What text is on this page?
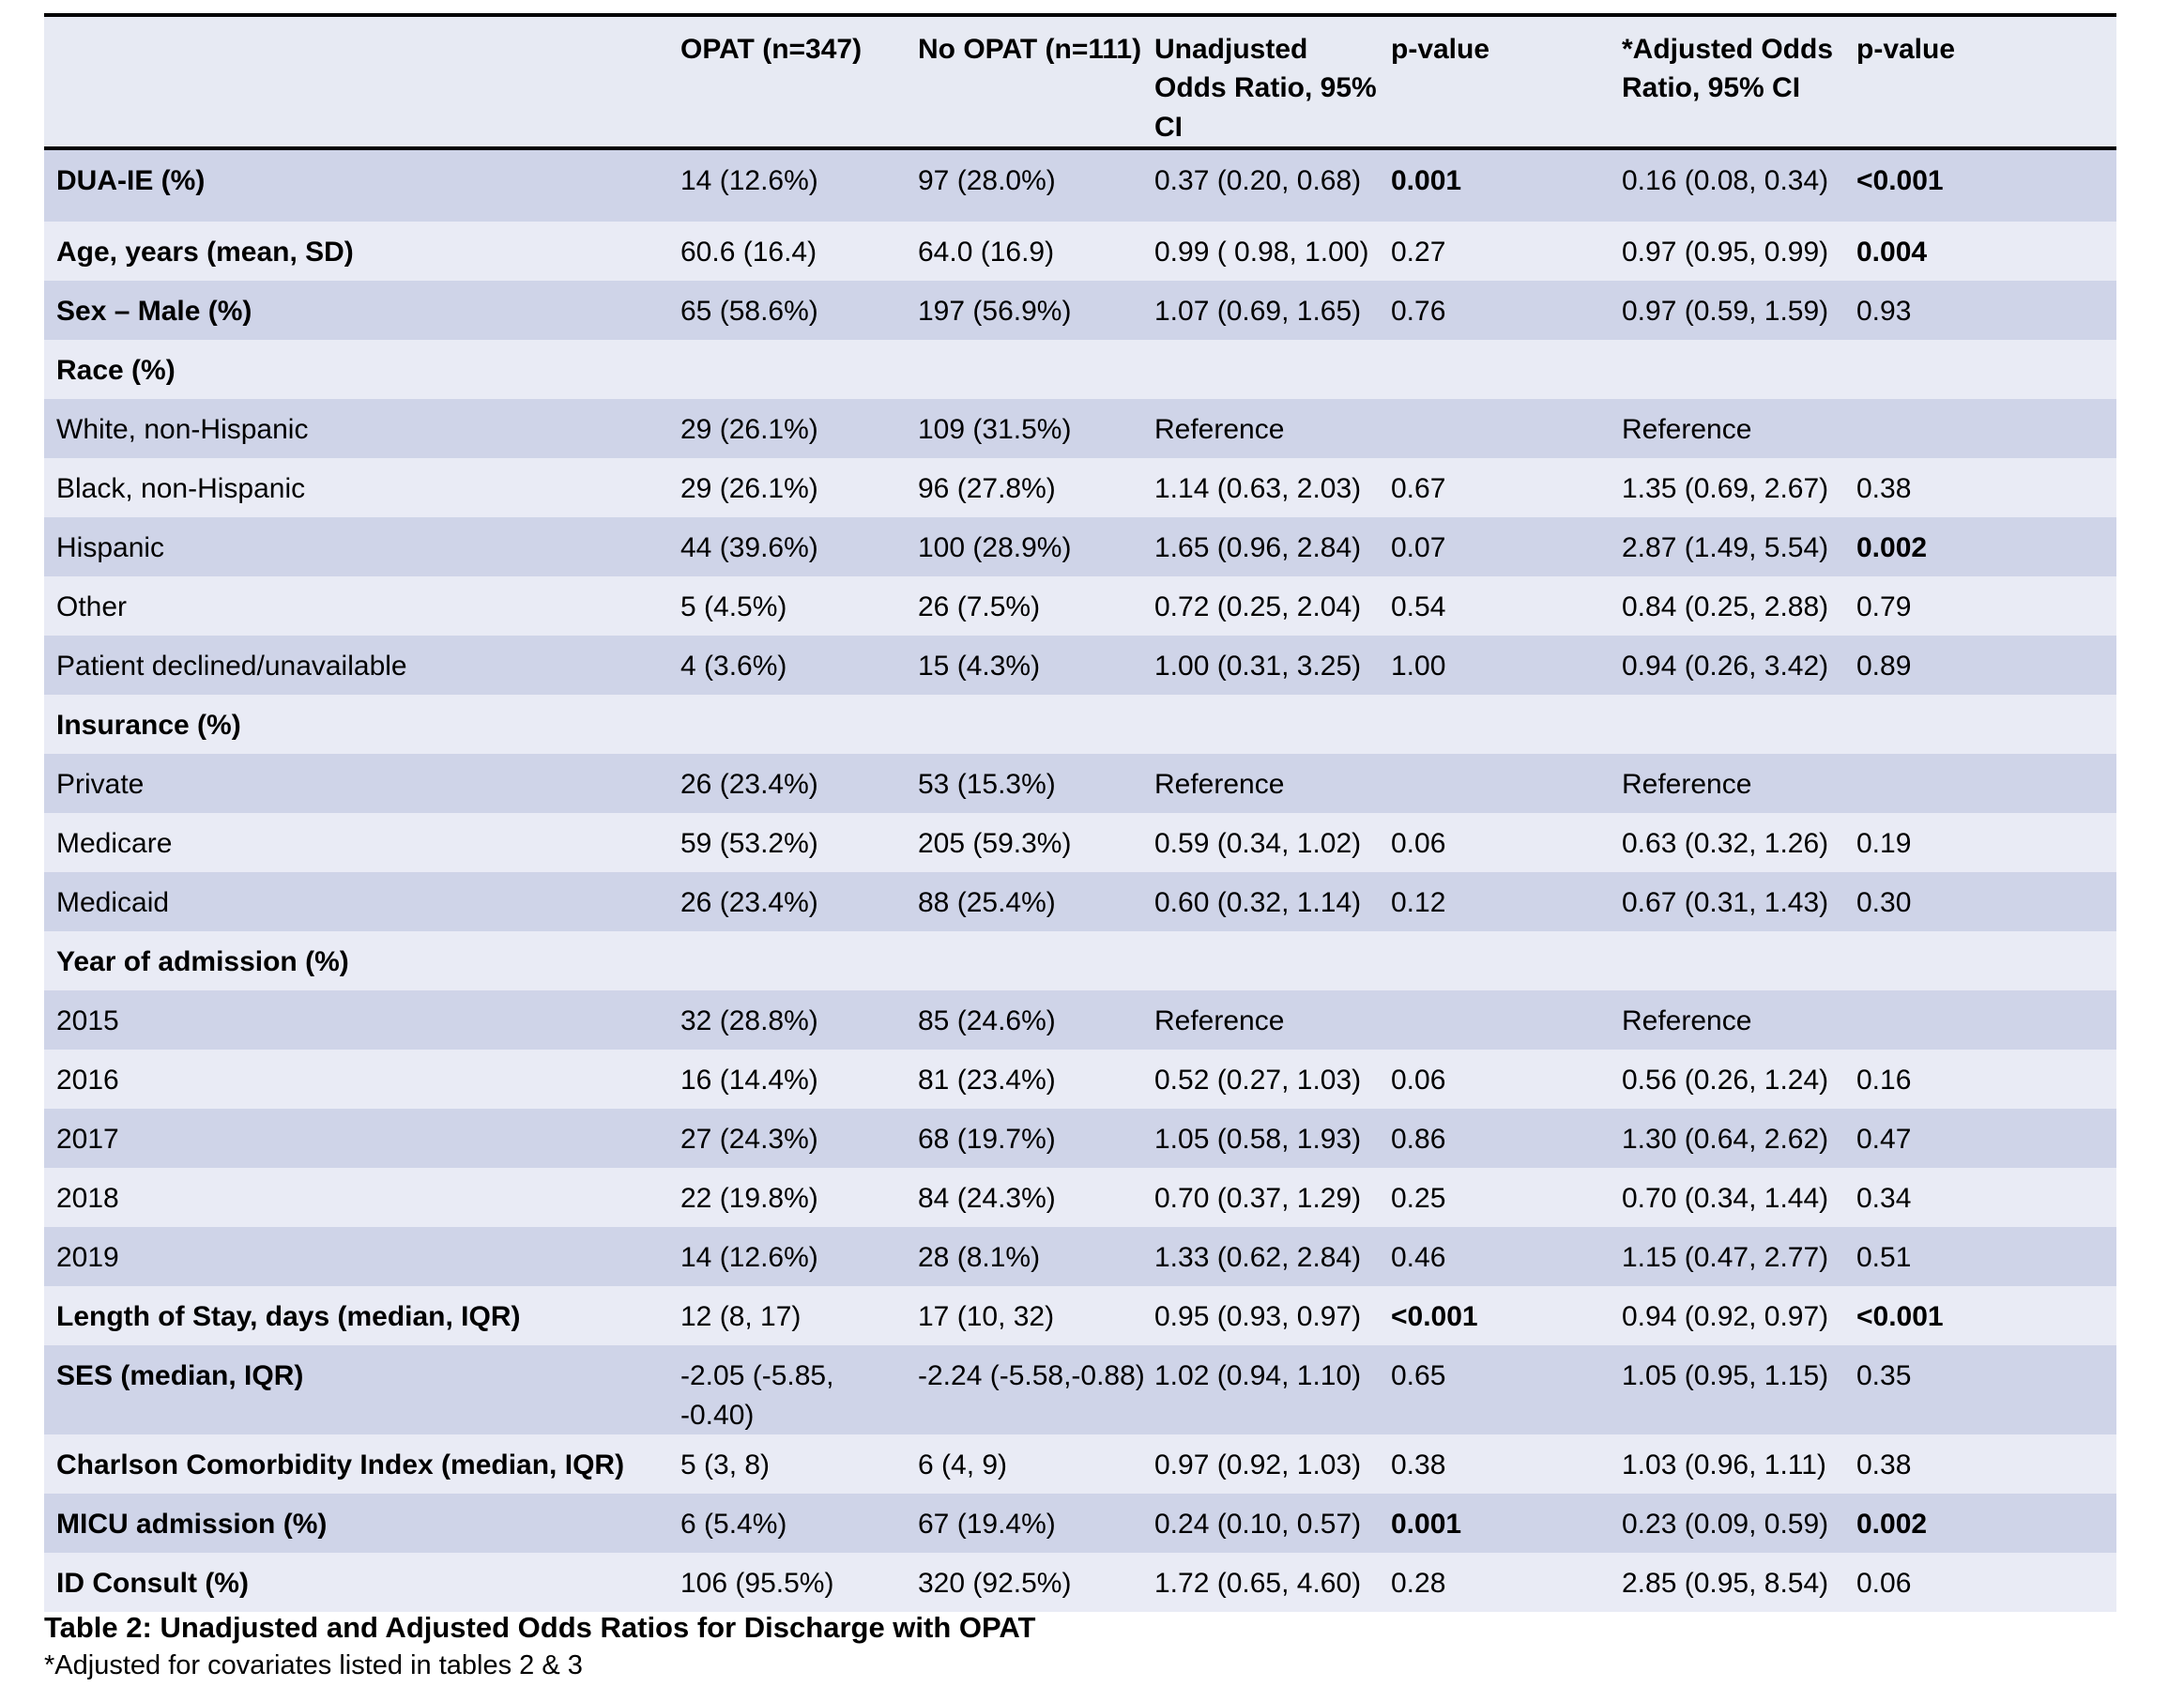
	OPAT (n=347)	No OPAT (n=111)	Unadjusted Odds Ratio, 95% CI	p-value	*Adjusted Odds Ratio, 95% CI	p-value
DUA-IE (%)	14 (12.6%)	97 (28.0%)	0.37 (0.20, 0.68)	0.001	0.16 (0.08, 0.34)	<0.001
Age, years (mean, SD)	60.6 (16.4)	64.0 (16.9)	0.99 ( 0.98, 1.00)	0.27	0.97 (0.95, 0.99)	0.004
Sex – Male (%)	65 (58.6%)	197 (56.9%)	1.07 (0.69, 1.65)	0.76	0.97 (0.59, 1.59)	0.93
Race (%)						
White, non-Hispanic	29 (26.1%)	109 (31.5%)	Reference		Reference	
Black, non-Hispanic	29 (26.1%)	96 (27.8%)	1.14 (0.63, 2.03)	0.67	1.35 (0.69, 2.67)	0.38
Hispanic	44 (39.6%)	100 (28.9%)	1.65 (0.96, 2.84)	0.07	2.87 (1.49, 5.54)	0.002
Other	5 (4.5%)	26 (7.5%)	0.72 (0.25, 2.04)	0.54	0.84 (0.25, 2.88)	0.79
Patient declined/unavailable	4 (3.6%)	15 (4.3%)	1.00 (0.31, 3.25)	1.00	0.94 (0.26, 3.42)	0.89
Insurance (%)						
Private	26 (23.4%)	53 (15.3%)	Reference		Reference	
Medicare	59 (53.2%)	205 (59.3%)	0.59 (0.34, 1.02)	0.06	0.63 (0.32, 1.26)	0.19
Medicaid	26 (23.4%)	88 (25.4%)	0.60 (0.32, 1.14)	0.12	0.67 (0.31, 1.43)	0.30
Year of admission (%)						
2015	32 (28.8%)	85 (24.6%)	Reference		Reference	
2016	16 (14.4%)	81 (23.4%)	0.52 (0.27, 1.03)	0.06	0.56 (0.26, 1.24)	0.16
2017	27 (24.3%)	68 (19.7%)	1.05 (0.58, 1.93)	0.86	1.30 (0.64, 2.62)	0.47
2018	22 (19.8%)	84 (24.3%)	0.70 (0.37, 1.29)	0.25	0.70 (0.34, 1.44)	0.34
2019	14 (12.6%)	28 (8.1%)	1.33 (0.62, 2.84)	0.46	1.15 (0.47, 2.77)	0.51
Length of Stay, days (median, IQR)	12 (8, 17)	17 (10, 32)	0.95 (0.93, 0.97)	<0.001	0.94 (0.92, 0.97)	<0.001
SES (median, IQR)	-2.05 (-5.85, -0.40)	-2.24 (-5.58,-0.88)	1.02 (0.94, 1.10)	0.65	1.05 (0.95, 1.15)	0.35
Charlson Comorbidity Index (median, IQR)	5 (3, 8)	6 (4, 9)	0.97 (0.92, 1.03)	0.38	1.03 (0.96, 1.11)	0.38
MICU admission (%)	6 (5.4%)	67 (19.4%)	0.24 (0.10, 0.57)	0.001	0.23 (0.09, 0.59)	0.002
ID Consult (%)	106 (95.5%)	320 (92.5%)	1.72 (0.65, 4.60)	0.28	2.85 (0.95, 8.54)	0.06
Table 2: Unadjusted and Adjusted Odds Ratios for Discharge with OPAT
*Adjusted for covariates listed in tables 2 & 3
